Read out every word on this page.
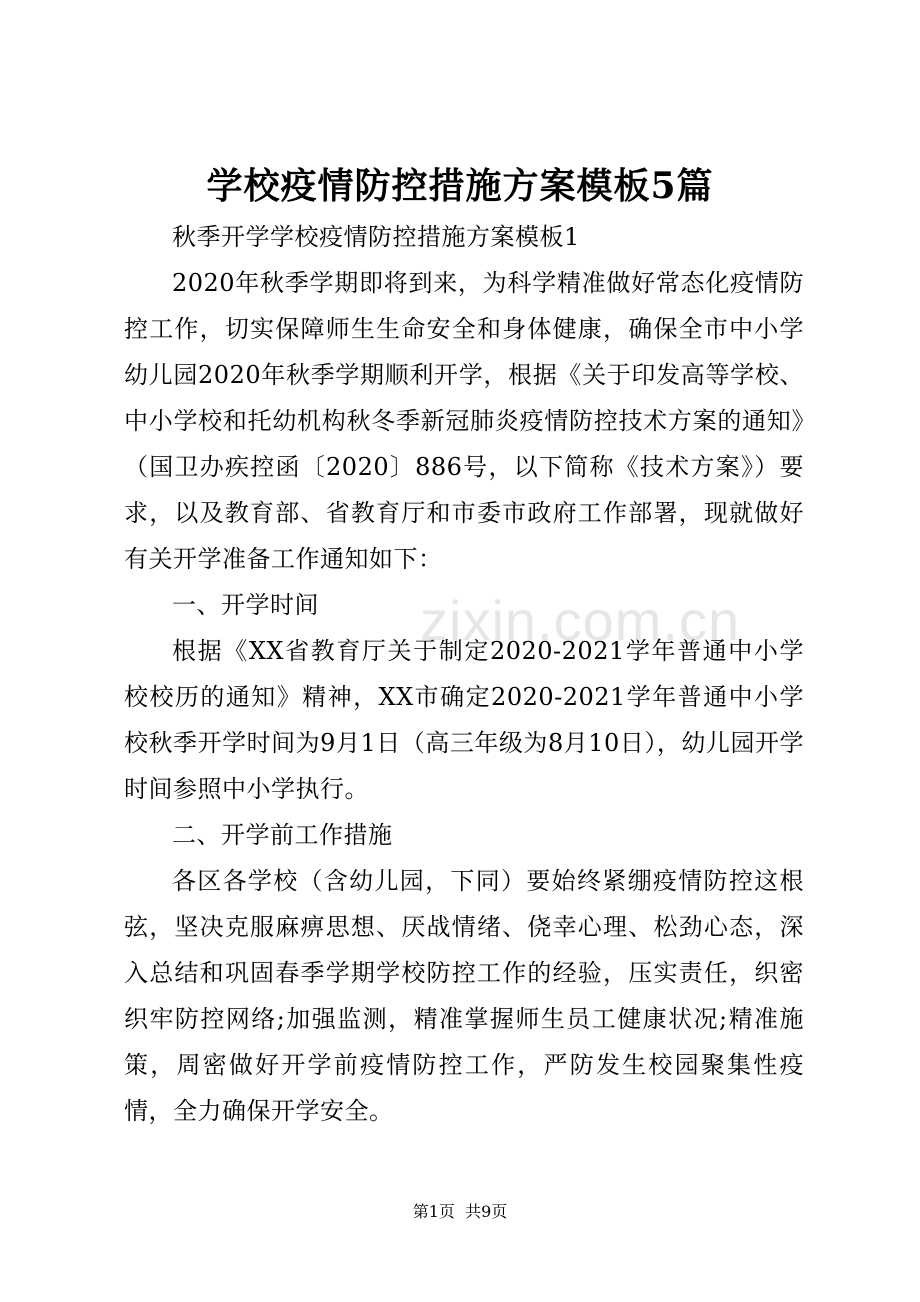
学校疫情防控措施方案模板5篇

秋季开学学校疫情防控措施方案模板1

2020年秋季学期即将到来，为科学精准做好常态化疫情防控工作，切实保障师生生命安全和身体健康，确保全市中小学幼儿园2020年秋季学期顺利开学，根据《关于印发高等学校、中小学校和托幼机构秋冬季新冠肺炎疫情防控技术方案的通知》（国卫办疾控函〔2020〕886号，以下简称《技术方案》）要求，以及教育部、省教育厅和市委市政府工作部署，现就做好有关开学准备工作通知如下：

一、开学时间

根据《XX省教育厅关于制定2020-2021学年普通中小学校校历的通知》精神，XX市确定2020-2021学年普通中小学校秋季开学时间为9月1日（高三年级为8月10日），幼儿园开学时间参照中小学执行。

二、开学前工作措施

各区各学校（含幼儿园，下同）要始终紧绷疫情防控这根弦，坚决克服麻痹思想、厌战情绪、侥幸心理、松劲心态，深入总结和巩固春季学期学校防控工作的经验，压实责任，织密织牢防控网络;加强监测，精准掌握师生员工健康状况;精准施策，周密做好开学前疫情防控工作，严防发生校园聚集性疫情，全力确保开学安全。

zixin.com.cn
第1页  共9页
